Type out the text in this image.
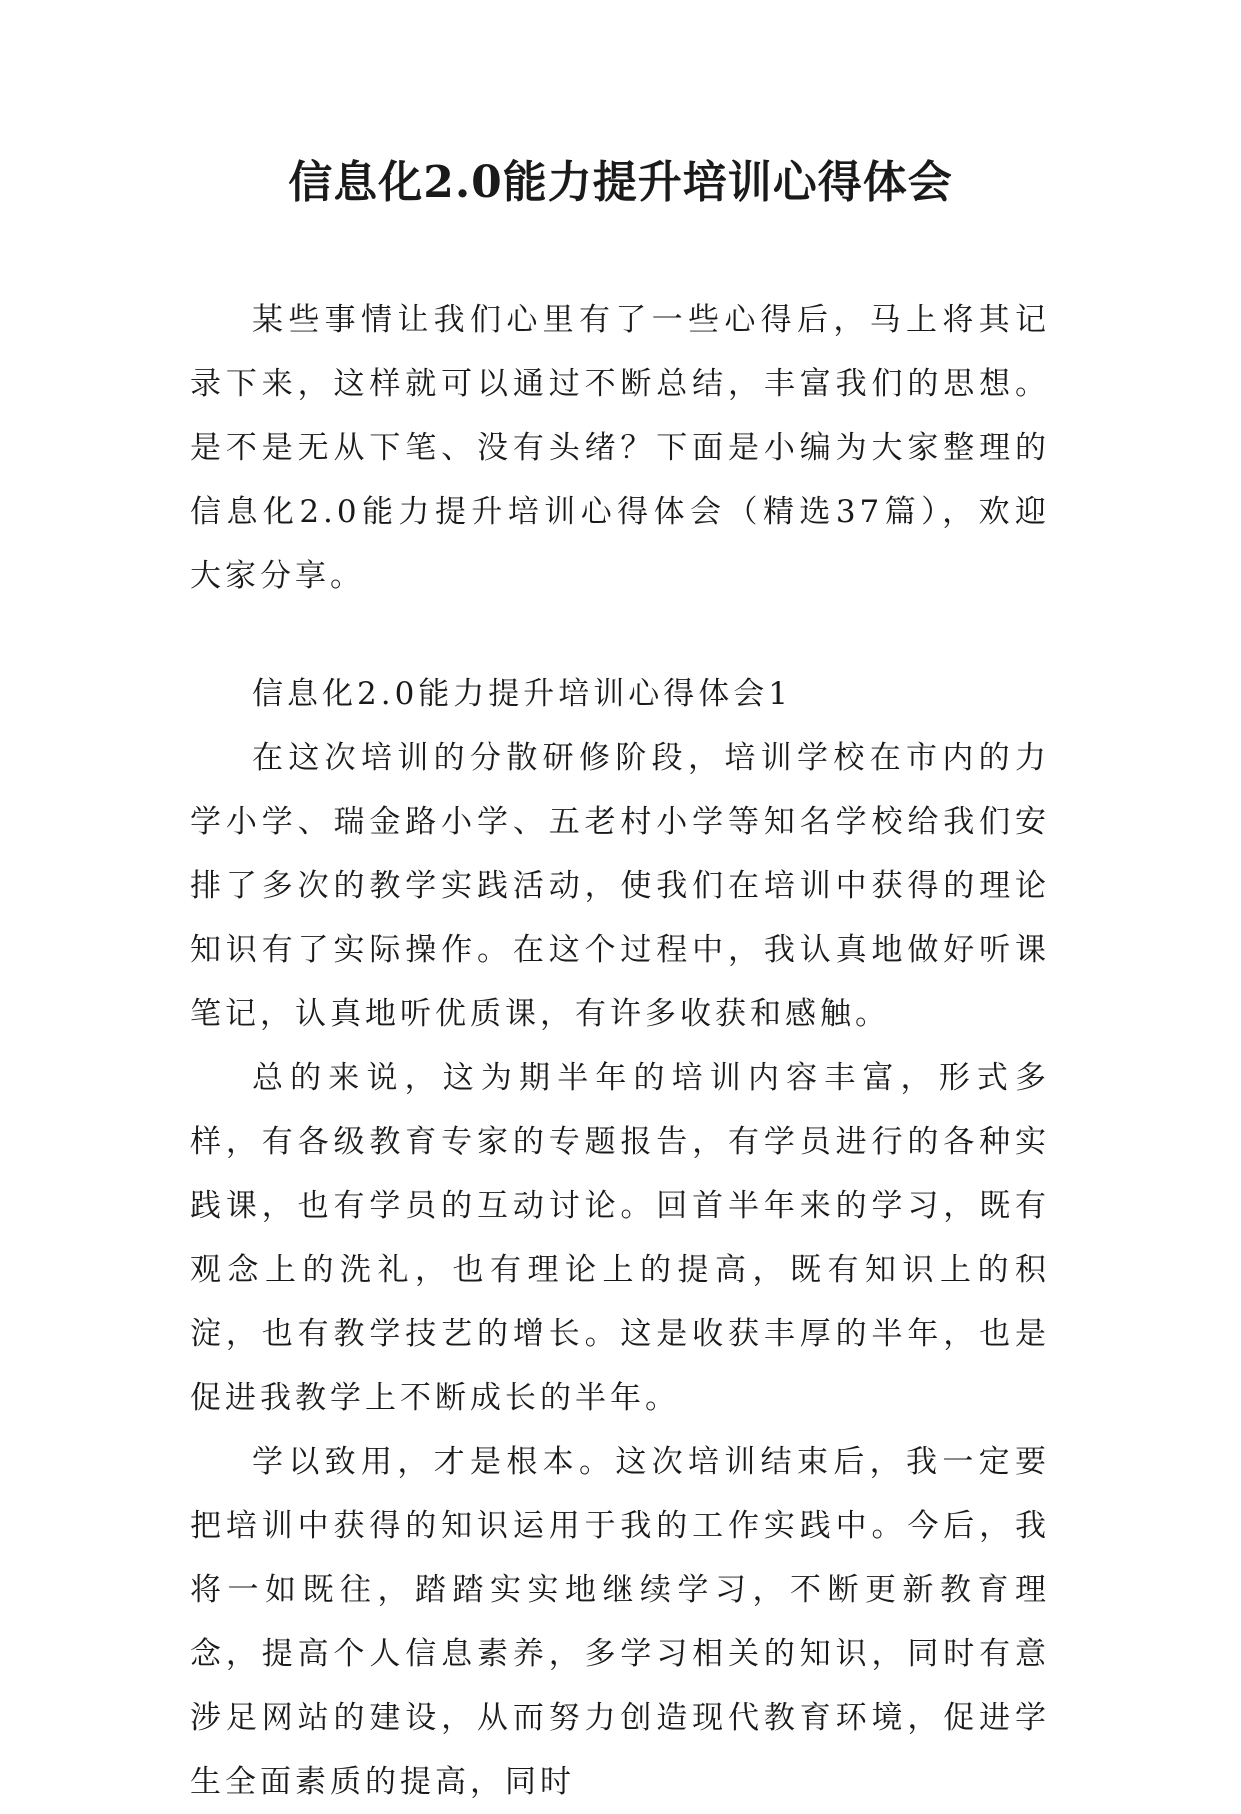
信息化2.0能力提升培训心得体会

某些事情让我们心里有了一些心得后，马上将其记录下来，这样就可以通过不断总结，丰富我们的思想。是不是无从下笔、没有头绪？下面是小编为大家整理的信息化2.0能力提升培训心得体会（精选37篇），欢迎大家分享。

信息化2.0能力提升培训心得体会1

在这次培训的分散研修阶段，培训学校在市内的力学小学、瑞金路小学、五老村小学等知名学校给我们安排了多次的教学实践活动，使我们在培训中获得的理论知识有了实际操作。在这个过程中，我认真地做好听课笔记，认真地听优质课，有许多收获和感触。

总的来说，这为期半年的培训内容丰富，形式多样，有各级教育专家的专题报告，有学员进行的各种实践课，也有学员的互动讨论。回首半年来的学习，既有观念上的洗礼，也有理论上的提高，既有知识上的积淀，也有教学技艺的增长。这是收获丰厚的半年，也是促进我教学上不断成长的半年。

学以致用，才是根本。这次培训结束后，我一定要把培训中获得的知识运用于我的工作实践中。今后，我将一如既往，踏踏实实地继续学习，不断更新教育理念，提高个人信息素养，多学习相关的知识，同时有意涉足网站的建设，从而努力创造现代教育环境，促进学生全面素质的提高，同时
